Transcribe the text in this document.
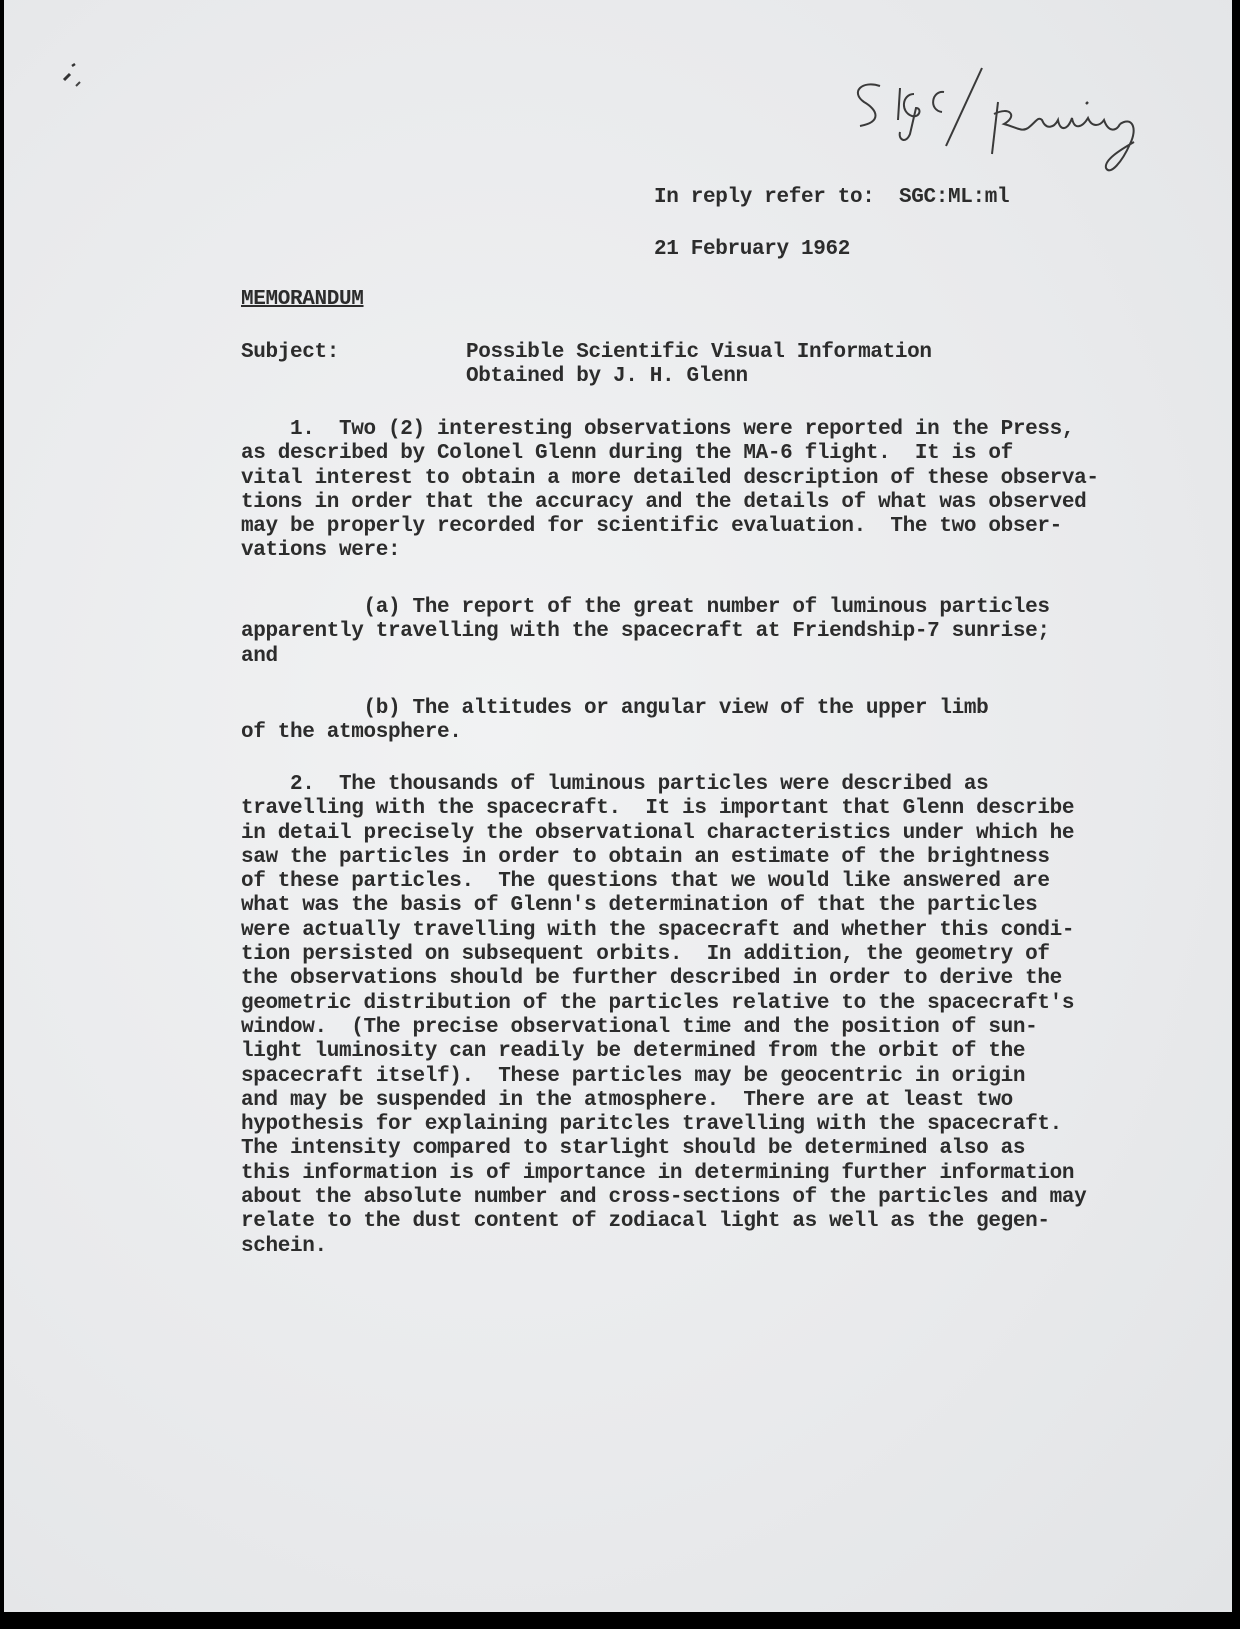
In reply refer to:  SGC:ML:ml

21 February 1962

MEMORANDUM

Subject:	Possible Scientific Visual Information

Obtained by J. H. Glenn

1.  Two (2) interesting observations were reported in the Press,

as described by Colonel Glenn during the MA-6 flight.  It is of

vital interest to obtain a more detailed description of these observa-

tions in order that the accuracy and the details of what was observed

may be properly recorded for scientific evaluation.  The two obser-

vations were:

(a) The report of the great number of luminous particles

apparently travelling with the spacecraft at Friendship-7 sunrise;

and

(b) The altitudes or angular view of the upper limb

of the atmosphere.

2.  The thousands of luminous particles were described as

travelling with the spacecraft.  It is important that Glenn describe

in detail precisely the observational characteristics under which he

saw the particles in order to obtain an estimate of the brightness

of these particles.  The questions that we would like answered are

what was the basis of Glenn's determination of that the particles

were actually travelling with the spacecraft and whether this condi-

tion persisted on subsequent orbits.  In addition, the geometry of

the observations should be further described in order to derive the

geometric distribution of the particles relative to the spacecraft's

window.  (The precise observational time and the position of sun-

light luminosity can readily be determined from the orbit of the

spacecraft itself).  These particles may be geocentric in origin

and may be suspended in the atmosphere.  There are at least two

hypothesis for explaining paritcles travelling with the spacecraft.

The intensity compared to starlight should be determined also as

this information is of importance in determining further information

about the absolute number and cross-sections of the particles and may

relate to the dust content of zodiacal light as well as the gegen-

schein.
